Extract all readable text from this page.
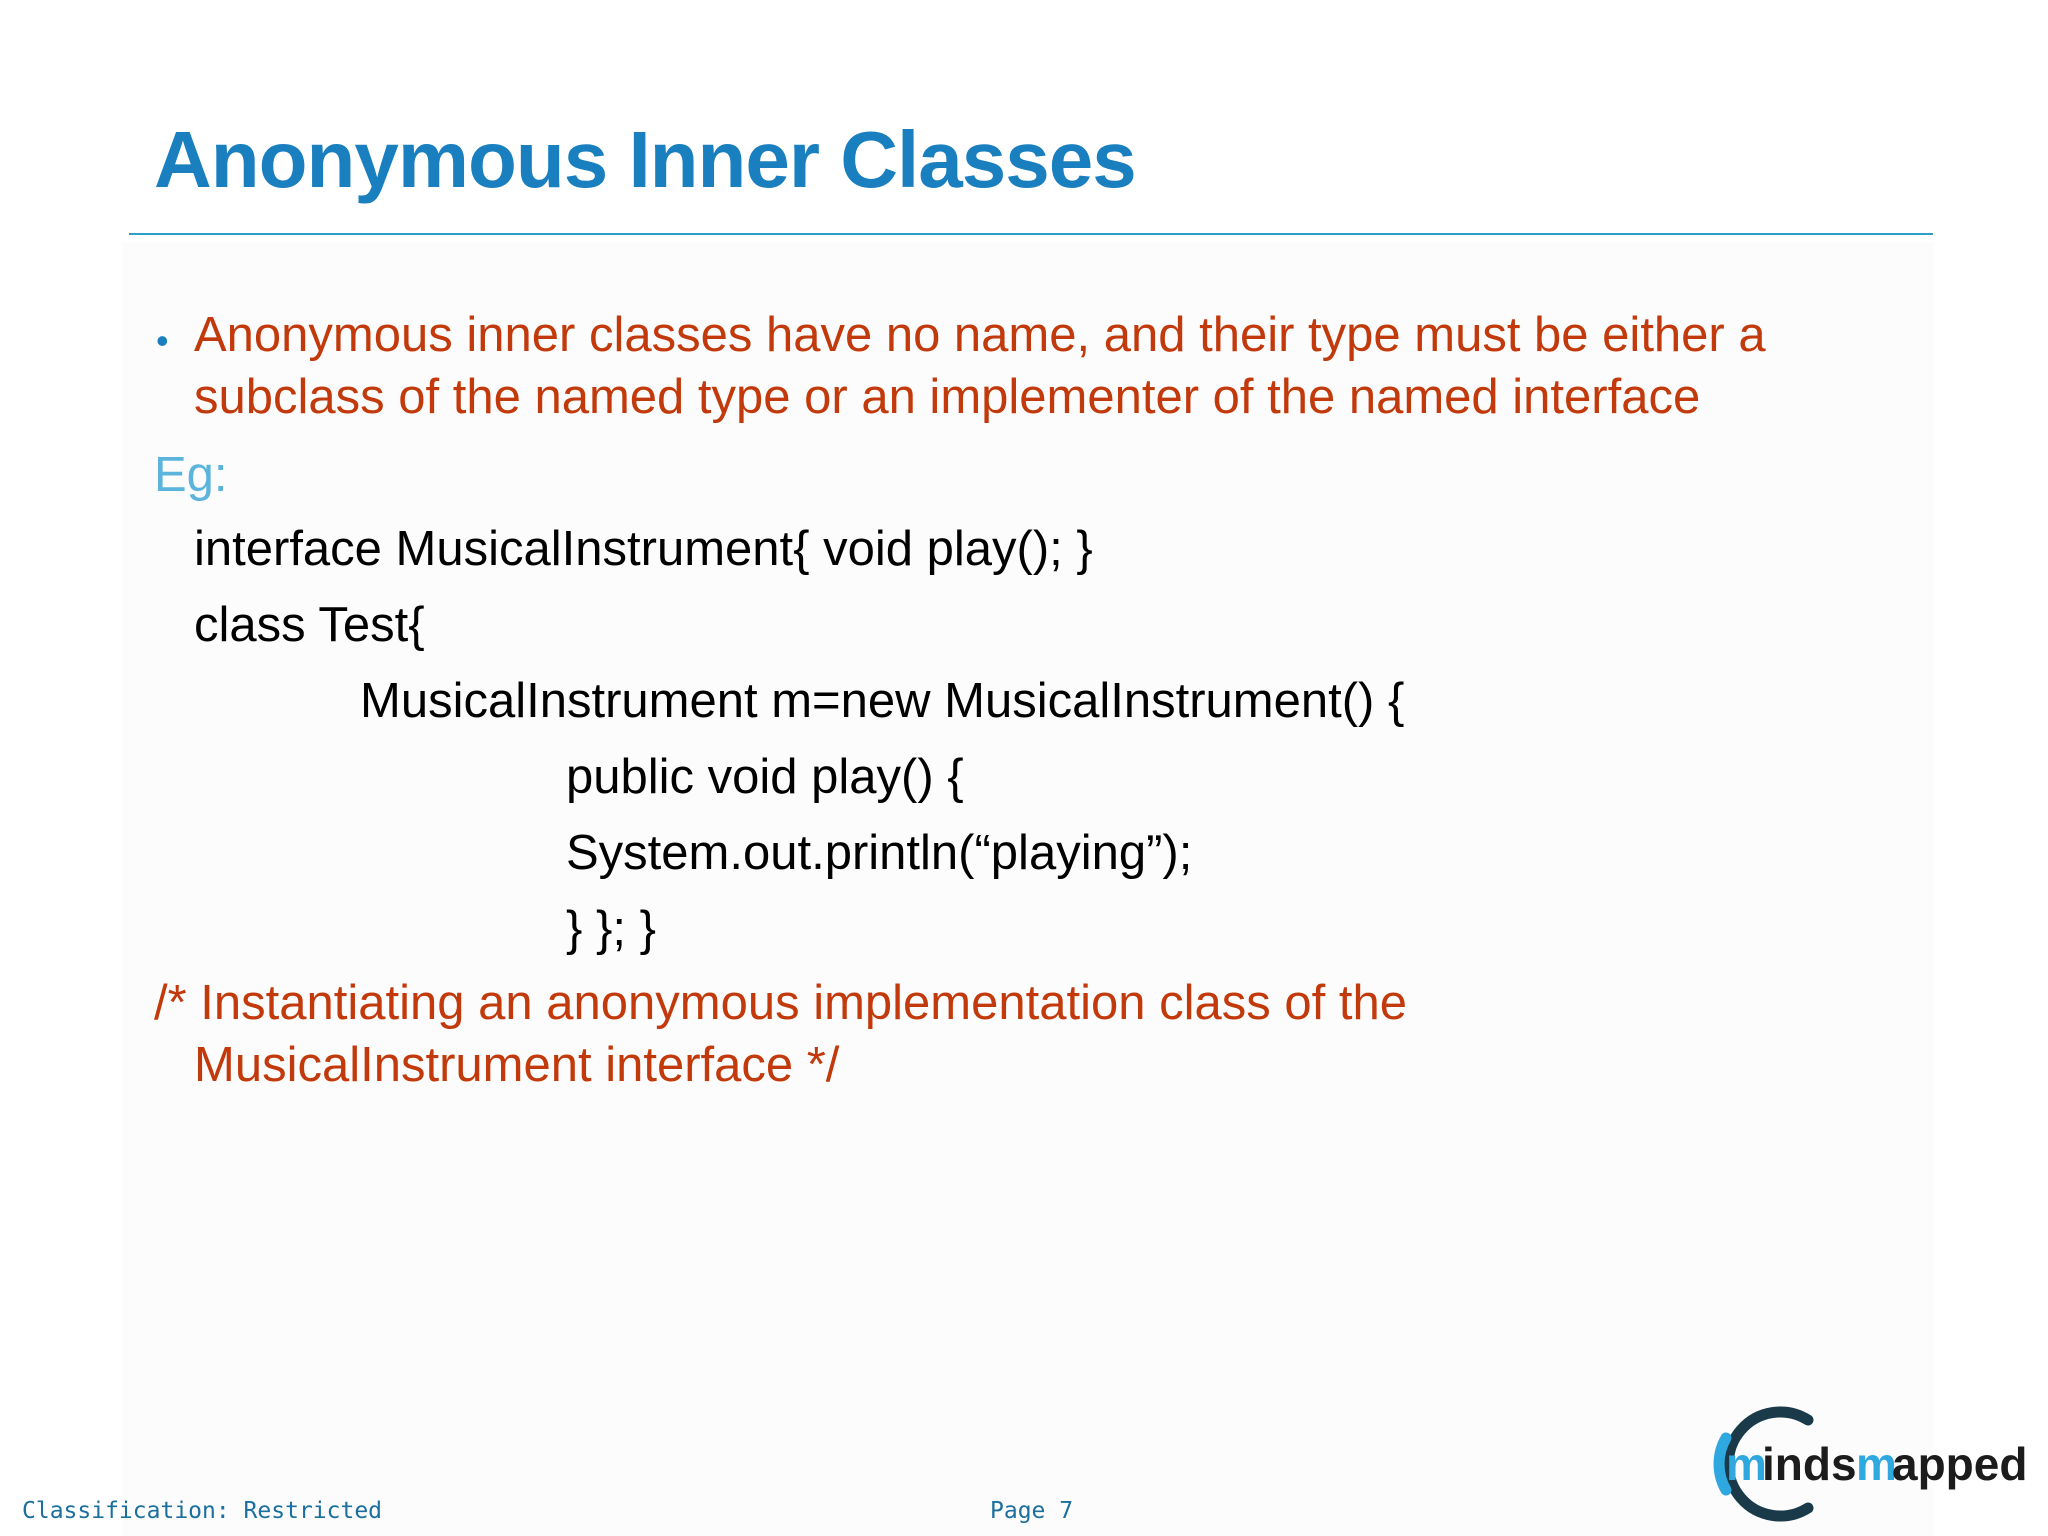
Anonymous Inner Classes
• Anonymous inner classes have no name, and their type must be either a
subclass of the named type or an implementer of the named interface
Eg:
interface MusicalInstrument{ void play(); }
class Test{
MusicalInstrument m=new MusicalInstrument() {
public void play() {
System.out.println(“playing”);
} }; }
/* Instantiating an anonymous implementation class of the
MusicalInstrument interface */
Classification: Restricted	Page 7
m
inds m
apped
